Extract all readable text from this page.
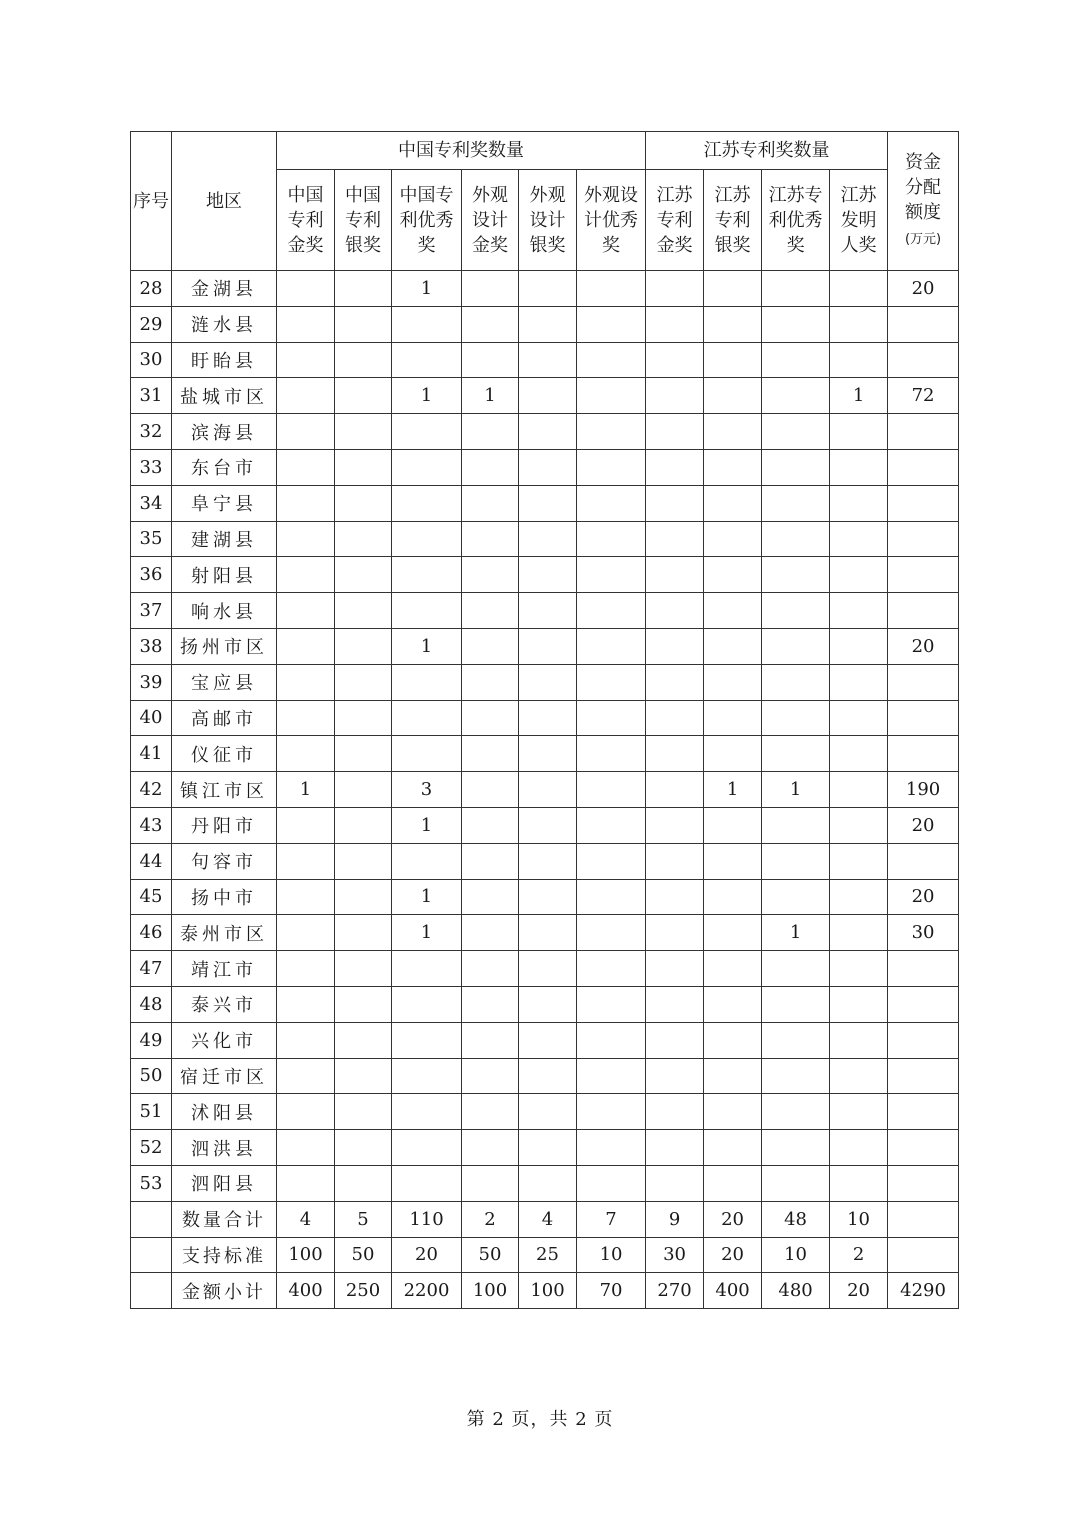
序号	地区	中国专利奖数量						江苏专利奖数量				资金分配额度
(万元)

		中国专利金奖	中国专利银奖	中国专利优秀奖	外观设计金奖	外观设计银奖	外观设计优秀奖	江苏专利金奖	江苏专利银奖	江苏专利优秀奖	江苏发明人奖	

28	金湖县			1								20
29	涟水县											
30	盱眙县											
31	盐城市区			1	1						1	72
32	滨海县											
33	东台市											
34	阜宁县											
35	建湖县											
36	射阳县											
37	响水县											
38	扬州市区			1								20
39	宝应县											
40	高邮市											
41	仪征市											
42	镇江市区	1		3					1	1		190
43	丹阳市			1								20
44	句容市											
45	扬中市			1								20
46	泰州市区			1						1		30
47	靖江市											
48	泰兴市											
49	兴化市											
50	宿迁市区											
51	沭阳县											
52	泗洪县											
53	泗阳县											
	数量合计	4	5	110	2	4	7	9	20	48	10	
	支持标准	100	50	20	50	25	10	30	20	10	2	
	金额小计	400	250	2200	100	100	70	270	400	480	20	4290
第 2 页，共 2 页
